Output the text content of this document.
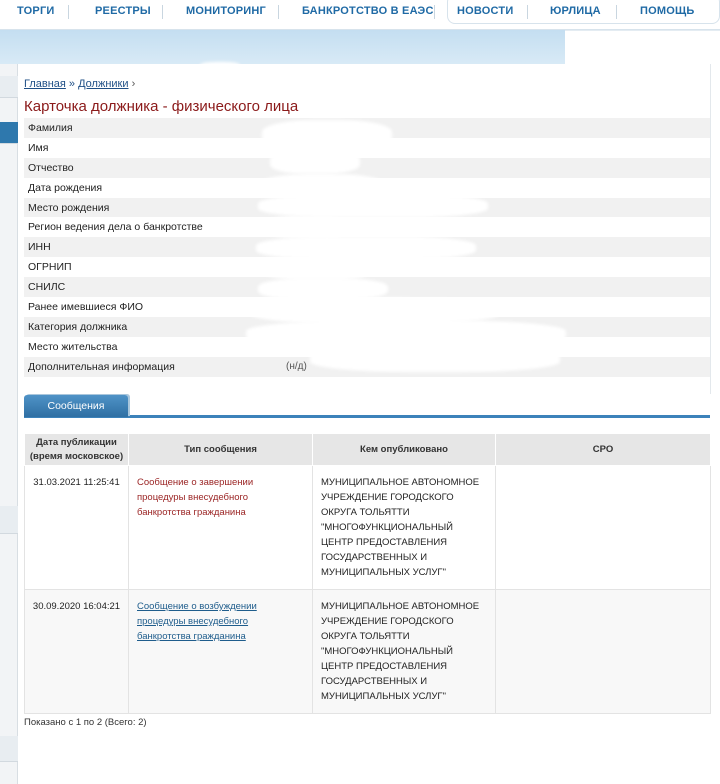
ТОРГИ	РЕЕСТРЫ	МОНИТОРИНГ	БАНКРОТСТВО В ЕАЭС НОВОСТИ	ЮРЛИЦА	ПОМОЩЬ
Главная » Должники ›
Карточка должника - физического лица
Фамилия
Имя
Отчество
Дата рождения
Место рождения
Регион ведения дела о банкротстве
ИНН
ОГРНИП
СНИЛС
Ранее имевшиеся ФИО
Категория должника
Место жительства
Дополнительная информация	(н/д)
Сообщения
Дата публикации (время московское)	Тип сообщения	Кем опубликовано	СРО
31.03.2021 11:25:41	Сообщение о завершении процедуры внесудебного банкротства гражданина	МУНИЦИПАЛЬНОЕ АВТОНОМНОЕ УЧРЕЖДЕНИЕ ГОРОДСКОГО ОКРУГА ТОЛЬЯТТИ "МНОГОФУНКЦИОНАЛЬНЫЙ ЦЕНТР ПРЕДОСТАВЛЕНИЯ ГОСУДАРСТВЕННЫХ И МУНИЦИПАЛЬНЫХ УСЛУГ"	
30.09.2020 16:04:21	Сообщение о возбуждении процедуры внесудебного банкротства гражданина	МУНИЦИПАЛЬНОЕ АВТОНОМНОЕ УЧРЕЖДЕНИЕ ГОРОДСКОГО ОКРУГА ТОЛЬЯТТИ "МНОГОФУНКЦИОНАЛЬНЫЙ ЦЕНТР ПРЕДОСТАВЛЕНИЯ ГОСУДАРСТВЕННЫХ И МУНИЦИПАЛЬНЫХ УСЛУГ"	
Показано с 1 по 2 (Всего: 2)
